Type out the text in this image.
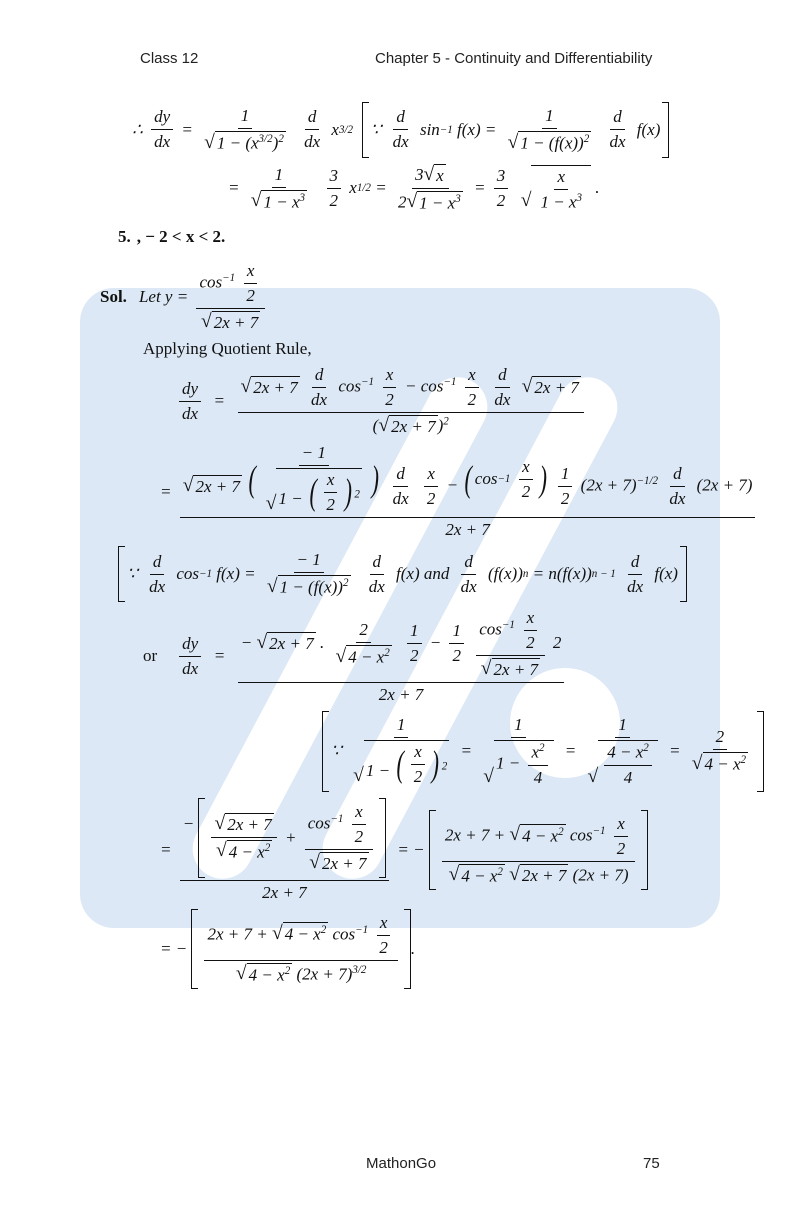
Class 12	Chapter 5 - Continuity and Differentiability
∴ $\frac{dy}{dx} = \frac{1}{√ 1 - (x^{3/2})^2}$
$\frac{d}{dx}$ x 3/2
∵ $\frac{d}{dx}$ sin −1 $f(x) = \frac{1}{√ 1 - (f(x))^2}$
$\frac{d}{dx} f(x)$
= $\frac{1}{√ 1 - x^3}$
$\frac{3}{2}$ x $1/2 = \frac{3 √ x}{2 √ 1 - x^3} = \frac{3}{2}$
√ $\frac{x}{1 - x^3}$ .
5. , − 2 < x < 2.
Sol. Let $y = \frac{\cos^{-1} \frac{x}{2}}{√ 2x + 7}$
Applying Quotient Rule,
$\frac{dy}{dx}$ = √ 2x + 7
$\frac{d}{dx} \cos^{-1} \frac{x}{2} - \cos^{-1} \frac{x}{2}$
$\frac{d}{dx}$
√ 2x + 7
( √ 2x + 7 )$^2$
= √ 2x + 7
( − 1
√ 1 − ( $\frac{x}{2}$
) $^2$
) $\frac{d}{dx}$
$\frac{x}{2}$ − ( cos −1
$\frac{x}{2}$
) $\frac{1}{2} (2x + 7)^{-1/2} \frac{d}{dx} (2x + 7)$
2x + 7
∵ $\frac{d}{dx}$ cos −1 $f(x) = \frac{- 1}{√ 1 - (f(x))^2}$
$\frac{d}{dx} f(x)$ and $\frac{d}{dx} (f(x)) n = n(f(x)) n - 1$
$\frac{d}{dx} f(x)$
or $\frac{dy}{dx}$ = − √ 2x + 7 . $\frac{2}{√ 4 - x^2}$
$\frac{1}{2} - \frac{1}{2}$
$\frac{\cos^{-1} \frac{x}{2}}{√ 2x + 7} 2$
2x + 7
∵ 1
√ 1 − ( $\frac{x}{2}$
) $^2$ = 1
√
$1 - \frac{x^2}{4} = \frac{1}{√ \frac{4 - x^2}{4}} = \frac{2}{√ 4 - x^2}$
= $\frac{- \frac{√ 2x + 7}{√ 4 - x^2} + \frac{\cos^{-1} \frac{x}{2}}{√ 2x + 7}}{2x + 7}$ = − 2x + 7 + √ $4 - x^2$ $\cos^{-1} \frac{x}{2}$
√ $4 - x^2$
√ 2x + 7 (2x + 7)
= − $\frac{2x + 7 + √ 4 - x^2 \cos^{-1} \frac{x}{2}}{√ 4 - x^2 (2x + 7)^{3/2}}$ .
MathonGo	75
